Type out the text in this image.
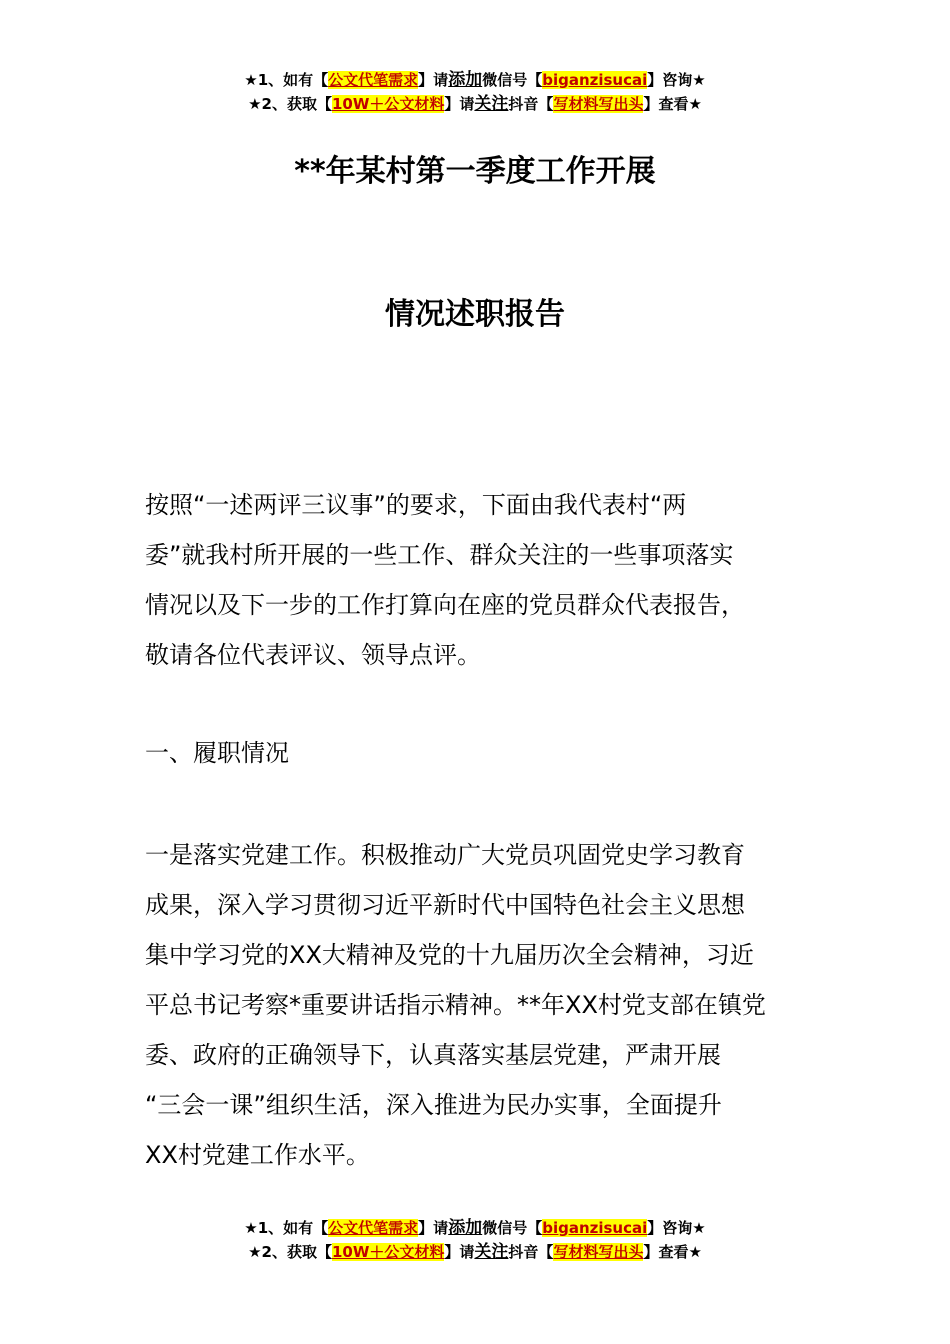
★1、如有【公文代笔需求】请添加微信号【biganzisucai】咨询★
★2、获取【10W＋公文材料】请关注抖音【写材料写出头】查看★
**年某村第一季度工作开展
情况述职报告

按照“一述两评三议事”的要求，下面由我代表村“两
委”就我村所开展的一些工作、群众关注的一些事项落实
情况以及下一步的工作打算向在座的党员群众代表报告，
敬请各位代表评议、领导点评。

一、履职情况

一是落实党建工作。积极推动广大党员巩固党史学习教育
成果，深入学习贯彻习近平新时代中国特色社会主义思想
集中学习党的XX大精神及党的十九届历次全会精神，习近
平总书记考察*重要讲话指示精神。**年XX村党支部在镇党
委、政府的正确领导下，认真落实基层党建，严肃开展
“三会一课”组织生活，深入推进为民办实事，全面提升
XX村党建工作水平。

★1、如有【公文代笔需求】请添加微信号【biganzisucai】咨询★
★2、获取【10W＋公文材料】请关注抖音【写材料写出头】查看★
